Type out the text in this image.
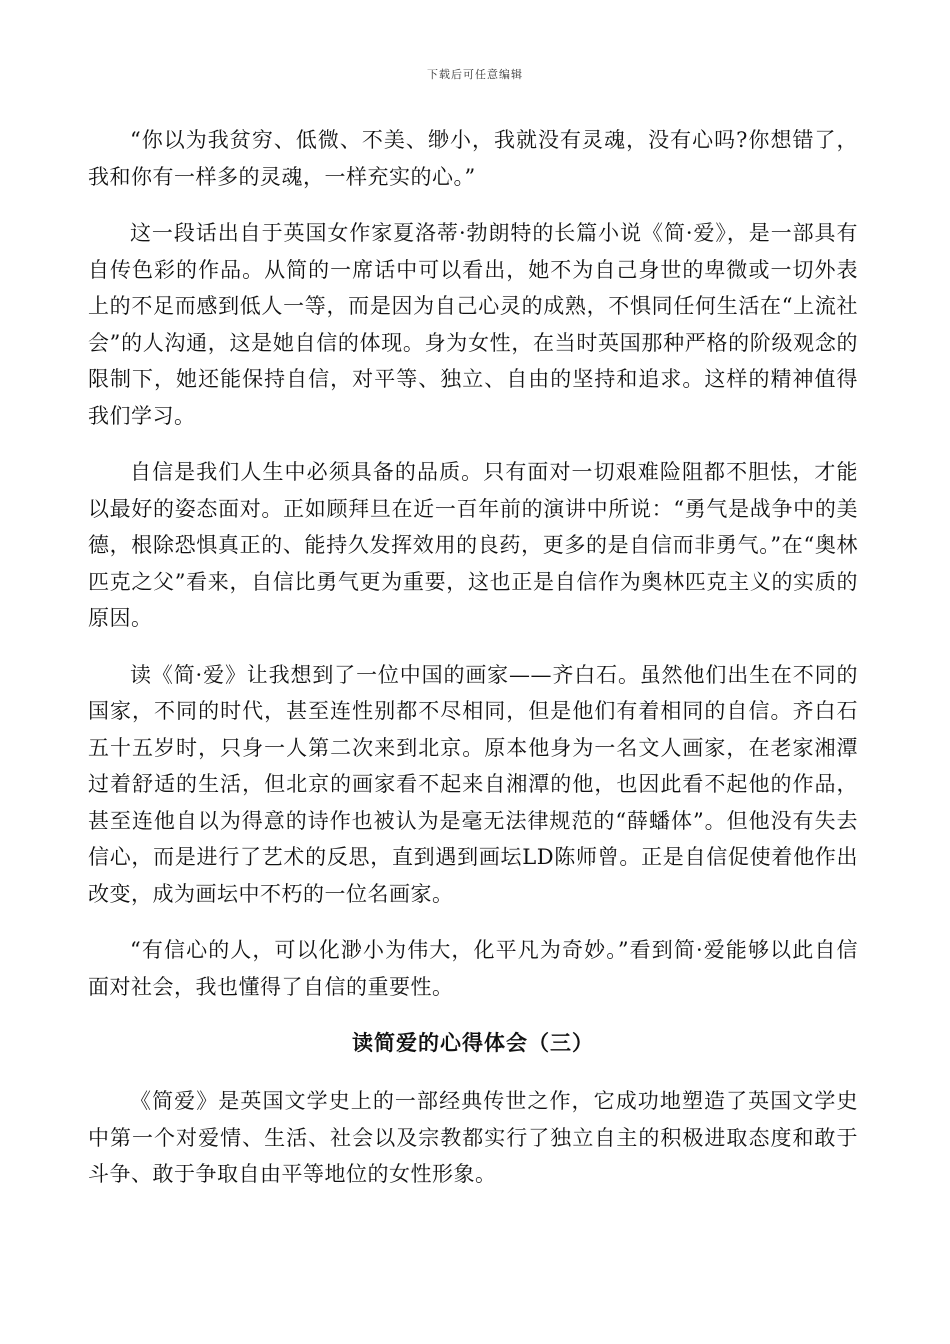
下载后可任意编辑

“你以为我贫穷、低微、不美、缈小，我就没有灵魂，没有心吗?你想错了，我和你有一样多的灵魂，一样充实的心。”

这一段话出自于英国女作家夏洛蒂·勃朗特的长篇小说《简·爱》，是一部具有自传色彩的作品。从简的一席话中可以看出，她不为自己身世的卑微或一切外表上的不足而感到低人一等，而是因为自己心灵的成熟，不惧同任何生活在“上流社会”的人沟通，这是她自信的体现。身为女性，在当时英国那种严格的阶级观念的限制下，她还能保持自信，对平等、独立、自由的坚持和追求。这样的精神值得我们学习。

自信是我们人生中必须具备的品质。只有面对一切艰难险阻都不胆怯，才能以最好的姿态面对。正如顾拜旦在近一百年前的演讲中所说：“勇气是战争中的美德，根除恐惧真正的、能持久发挥效用的良药，更多的是自信而非勇气。”在“奥林匹克之父”看来，自信比勇气更为重要，这也正是自信作为奥林匹克主义的实质的原因。

读《简·爱》让我想到了一位中国的画家——齐白石。虽然他们出生在不同的国家，不同的时代，甚至连性别都不尽相同，但是他们有着相同的自信。齐白石五十五岁时，只身一人第二次来到北京。原本他身为一名文人画家，在老家湘潭过着舒适的生活，但北京的画家看不起来自湘潭的他，也因此看不起他的作品，甚至连他自以为得意的诗作也被认为是毫无法律规范的“薛蟠体”。但他没有失去信心，而是进行了艺术的反思，直到遇到画坛LD陈师曾。正是自信促使着他作出改变，成为画坛中不朽的一位名画家。

“有信心的人，可以化渺小为伟大，化平凡为奇妙。”看到简·爱能够以此自信面对社会，我也懂得了自信的重要性。

读简爱的心得体会（三）

《简爱》是英国文学史上的一部经典传世之作，它成功地塑造了英国文学史中第一个对爱情、生活、社会以及宗教都实行了独立自主的积极进取态度和敢于斗争、敢于争取自由平等地位的女性形象。
